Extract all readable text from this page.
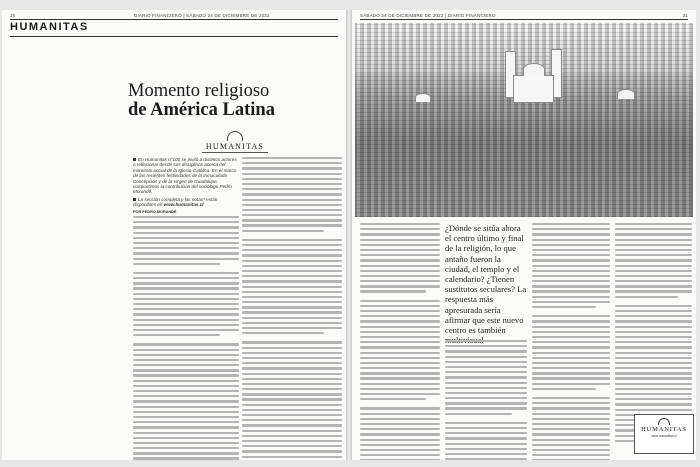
30	DIARIO FINANCIERO | SÁBADO 24 DE DICIEMBRE DE 2022
HUMANITAS
Momento religioso
de América Latina
HUMANITAS

En Humanitas n°100 se invitó a distintos actores a reflexionar desde sus disciplinas acerca del momento actual de la Iglesia Católica. En el marco de las recientes festividades de la Inmaculada Concepción y de la Virgen de Guadalupe, compartimos la contribución del sociólogo Pedro Morandé.

La sección completa y las notas* están disponibles en www.humanitas.cl

POR PEDRO MORANDÉ
SÁBADO 24 DE DICIEMBRE DE 2022 | DIARIO FINANCIERO	31
¿Dónde se sitúa ahora el centro último y final de la religión, lo que antaño fueron la ciudad, el templo y el calendario? ¿Tienen sustitutos seculares? La respuesta más apresurada sería afirmar que este nuevo centro es también
HUMANITAS
www.humanitas.cl
